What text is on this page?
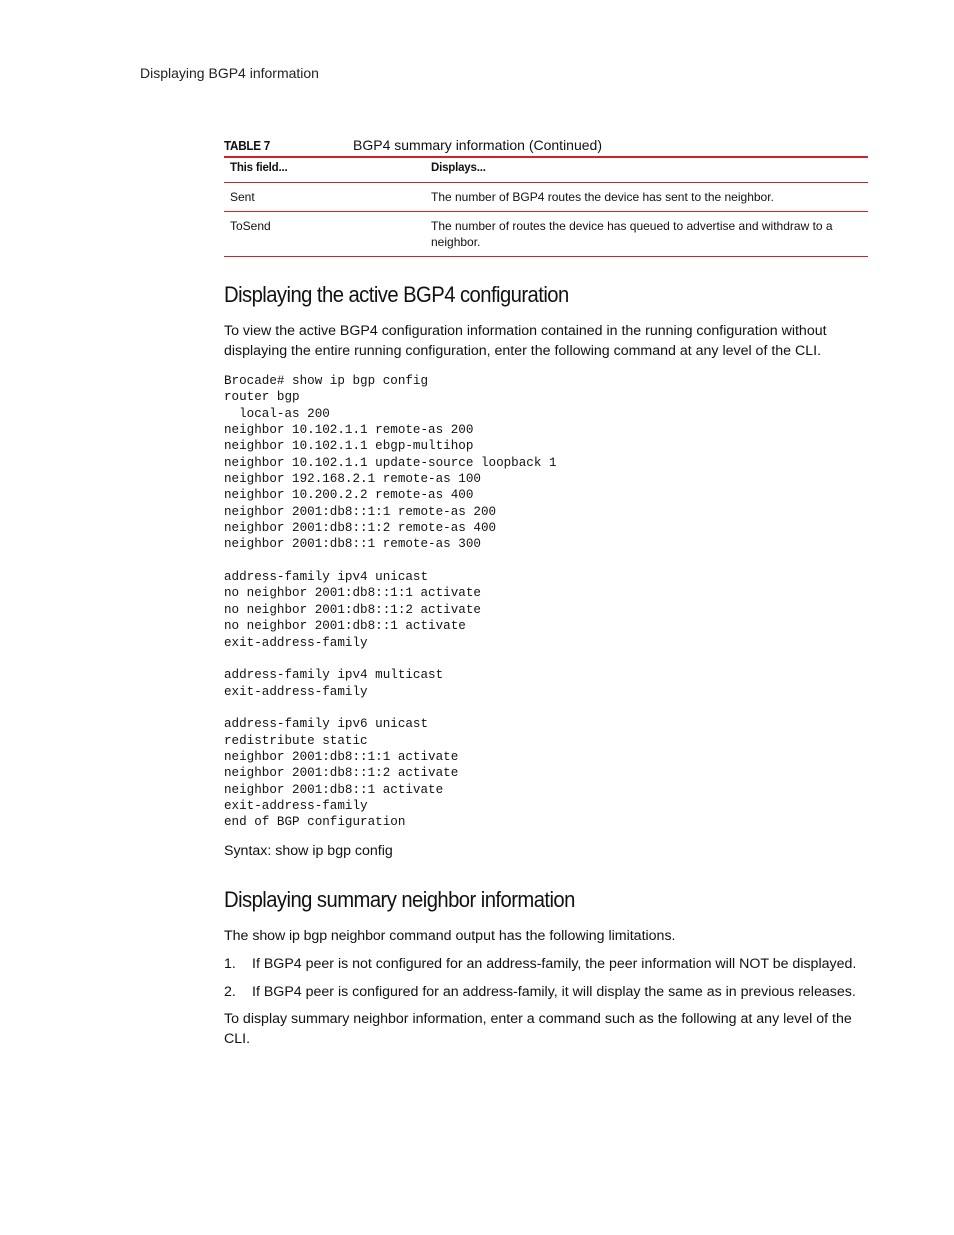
Displaying BGP4 information
TABLE 7	BGP4 summary information (Continued)
This field...	Displays...
Sent	The number of BGP4 routes the device has sent to the neighbor.
ToSend	The number of routes the device has queued to advertise and withdraw to a neighbor.
Displaying the active BGP4 configuration

To view the active BGP4 configuration information contained in the running configuration without displaying the entire running configuration, enter the following command at any level of the CLI.

Brocade# show ip bgp config
router bgp
local-as 200
neighbor 10.102.1.1 remote-as 200
neighbor 10.102.1.1 ebgp-multihop
neighbor 10.102.1.1 update-source loopback 1
neighbor 192.168.2.1 remote-as 100
neighbor 10.200.2.2 remote-as 400
neighbor 2001:db8::1:1 remote-as 200
neighbor 2001:db8::1:2 remote-as 400
neighbor 2001:db8::1 remote-as 300

address-family ipv4 unicast
no neighbor 2001:db8::1:1 activate
no neighbor 2001:db8::1:2 activate
no neighbor 2001:db8::1 activate
exit-address-family

address-family ipv4 multicast
exit-address-family

address-family ipv6 unicast
redistribute static
neighbor 2001:db8::1:1 activate
neighbor 2001:db8::1:2 activate
neighbor 2001:db8::1 activate
exit-address-family
end of BGP configuration
Syntax: show ip bgp config
Displaying summary neighbor information

The show ip bgp neighbor command output has the following limitations.

1. If BGP4 peer is not configured for an address-family, the peer information will NOT be displayed.
2. If BGP4 peer is configured for an address-family, it will display the same as in previous releases.

To display summary neighbor information, enter a command such as the following at any level of the CLI.
